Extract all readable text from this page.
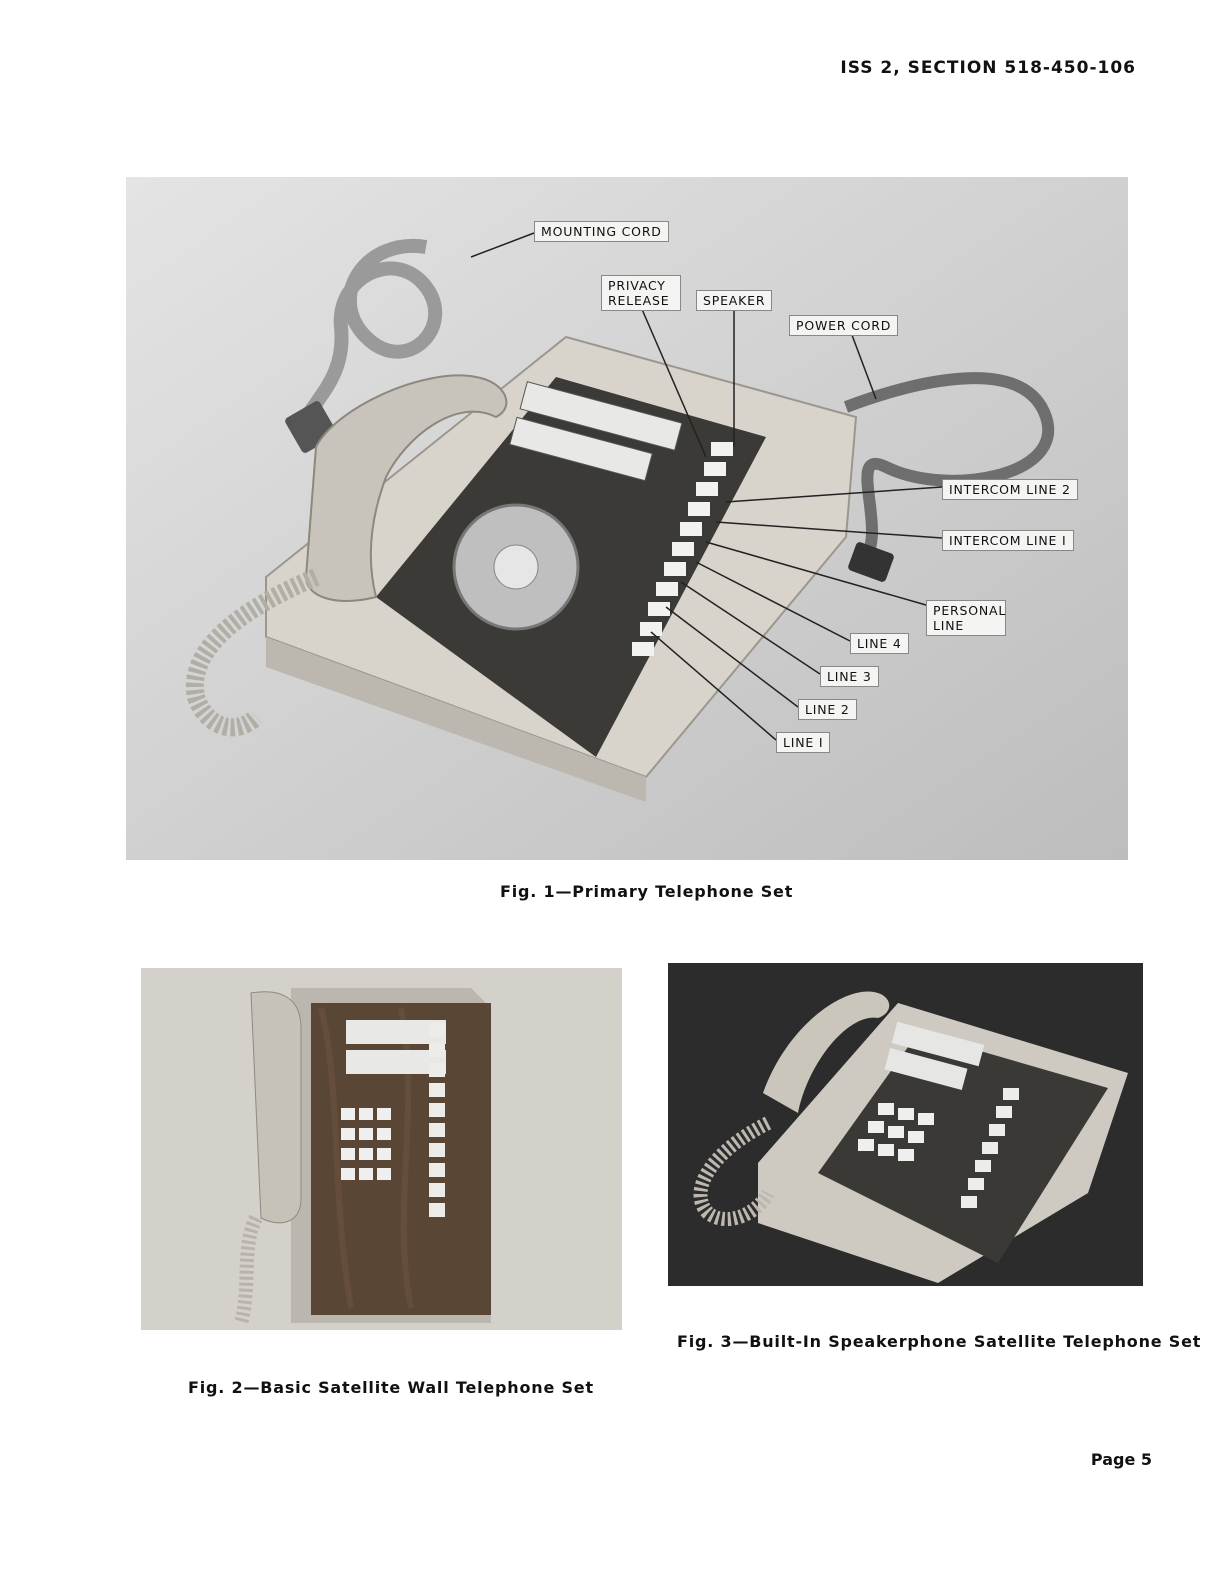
ISS 2, SECTION 518-450-106
MOUNTING CORD
PRIVACY RELEASE	SPEAKER
POWER CORD
INTERCOM LINE 2
INTERCOM LINE I
PERSONAL LINE
LINE 4
LINE 3
LINE 2
LINE I
Fig. 1—Primary Telephone Set
Fig. 2—Basic Satellite Wall Telephone Set
Fig. 3—Built-In Speakerphone Satellite Telephone Set
Page 5
